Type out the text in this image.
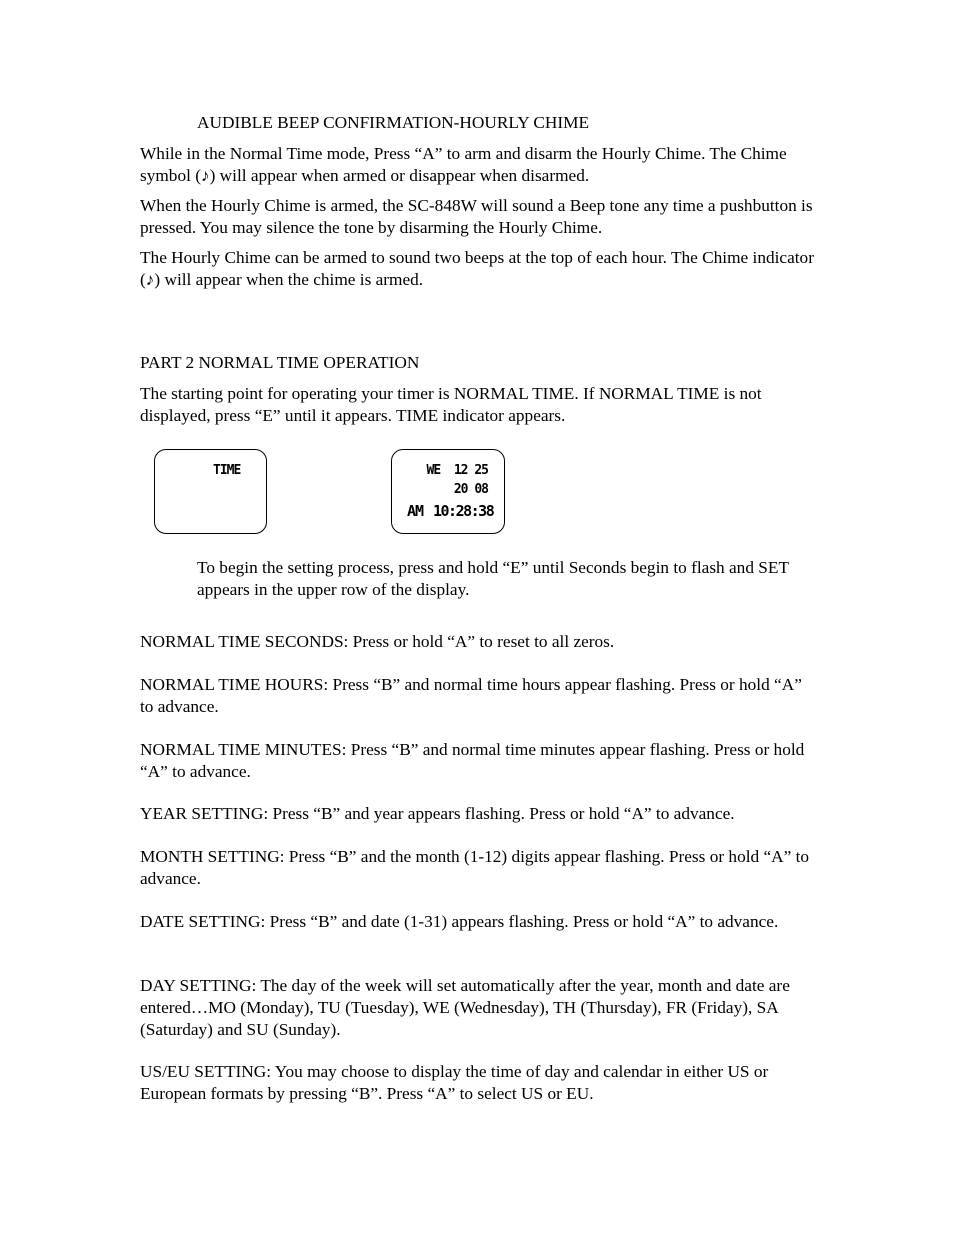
AUDIBLE BEEP CONFIRMATION-HOURLY CHIME

While in the Normal Time mode, Press “A” to arm and disarm the Hourly Chime. The Chime symbol (♪) will appear when armed or disappear when disarmed.

When the Hourly Chime is armed, the SC-848W will sound a Beep tone any time a pushbutton is pressed. You may silence the tone by disarming the Hourly Chime.

The Hourly Chime can be armed to sound two beeps at the top of each hour. The Chime indicator (♪) will appear when the chime is armed.

PART 2 NORMAL TIME OPERATION

The starting point for operating your timer is NORMAL TIME. If NORMAL TIME is not displayed, press “E” until it appears. TIME indicator appears.

TIME	WE  12 25
20 08
AM 10:28:38

To begin the setting process, press and hold “E” until Seconds begin to flash and SET appears in the upper row of the display.

NORMAL TIME SECONDS: Press or hold “A” to reset to all zeros.

NORMAL TIME HOURS: Press “B” and normal time hours appear flashing. Press or hold “A” to advance.

NORMAL TIME MINUTES: Press “B” and normal time minutes appear flashing. Press or hold “A” to advance.

YEAR SETTING: Press “B” and year appears flashing. Press or hold “A” to advance.

MONTH SETTING: Press “B” and the month (1-12) digits appear flashing. Press or hold “A” to advance.

DATE SETTING: Press “B” and date (1-31) appears flashing. Press or hold “A” to advance.

DAY SETTING: The day of the week will set automatically after the year, month and date are entered…MO (Monday), TU (Tuesday), WE (Wednesday), TH (Thursday), FR (Friday), SA (Saturday) and SU (Sunday).

US/EU SETTING: You may choose to display the time of day and calendar in either US or European formats by pressing “B”. Press “A” to select US or EU.
